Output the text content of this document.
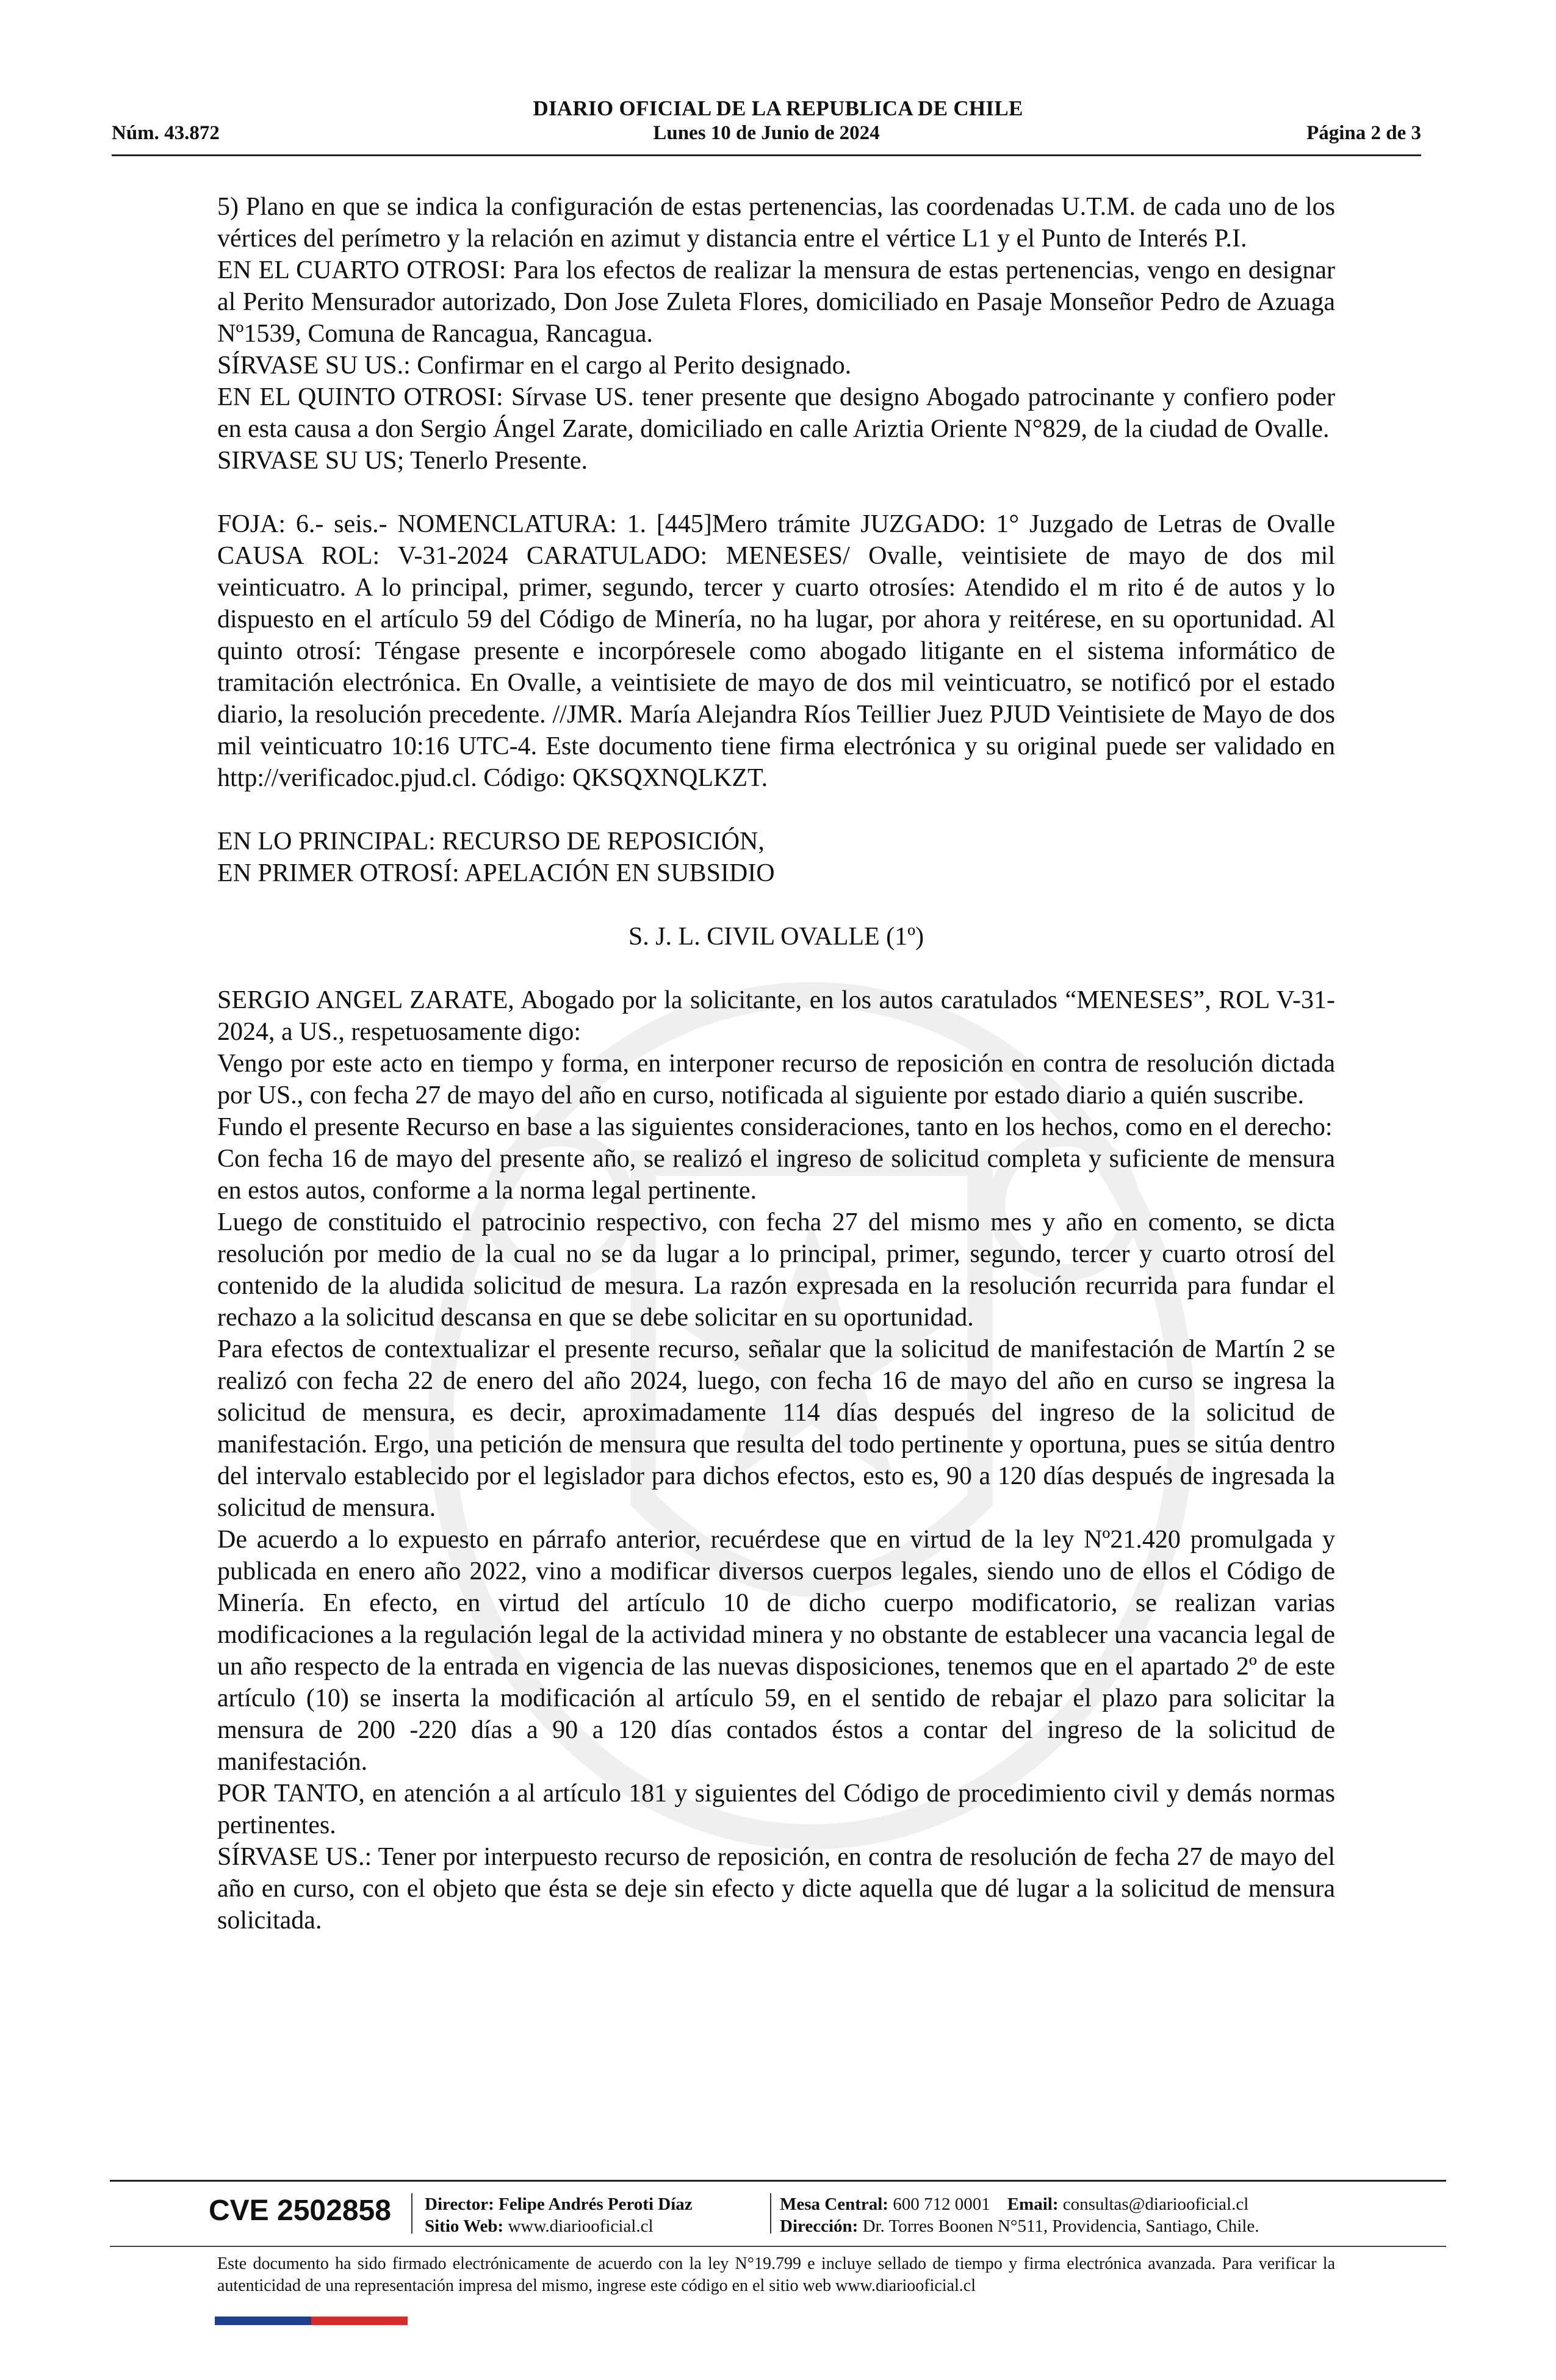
DIARIO OFICIAL DE LA REPUBLICA DE CHILE
Lunes 10 de Junio de 2024
Núm. 43.872	Página 2 de 3

5) Plano en que se indica la configuración de estas pertenencias, las coordenadas U.T.M. de cada uno de los vértices del perímetro y la relación en azimut y distancia entre el vértice L1 y el Punto de Interés P.I.

EN EL CUARTO OTROSI: Para los efectos de realizar la mensura de estas pertenencias, vengo en designar al Perito Mensurador autorizado, Don Jose Zuleta Flores, domiciliado en Pasaje Monseñor Pedro de Azuaga Nº1539, Comuna de Rancagua, Rancagua.

SÍRVASE SU US.: Confirmar en el cargo al Perito designado.

EN EL QUINTO OTROSI: Sírvase US. tener presente que designo Abogado patrocinante y confiero poder en esta causa a don Sergio Ángel Zarate, domiciliado en calle Ariztia Oriente N°829, de la ciudad de Ovalle.

SIRVASE SU US; Tenerlo Presente.

FOJA: 6.- seis.- NOMENCLATURA: 1. [445]Mero trámite JUZGADO: 1° Juzgado de Letras de Ovalle CAUSA ROL: V-31-2024 CARATULADO: MENESES/ Ovalle, veintisiete de mayo de dos mil veinticuatro. A lo principal, primer, segundo, tercer y cuarto otrosíes: Atendido el m rito é de autos y lo dispuesto en el artículo 59 del Código de Minería, no ha lugar, por ahora y reitérese, en su oportunidad. Al quinto otrosí: Téngase presente e incorpóresele como abogado litigante en el sistema informático de tramitación electrónica. En Ovalle, a veintisiete de mayo de dos mil veinticuatro, se notificó por el estado diario, la resolución precedente. //JMR. María Alejandra Ríos Teillier Juez PJUD Veintisiete de Mayo de dos mil veinticuatro 10:16 UTC-4. Este documento tiene firma electrónica y su original puede ser validado en http://verificadoc.pjud.cl. Código: QKSQXNQLKZT.

EN LO PRINCIPAL: RECURSO DE REPOSICIÓN,

EN PRIMER OTROSÍ: APELACIÓN EN SUBSIDIO

S. J. L. CIVIL OVALLE (1º)

SERGIO ANGEL ZARATE, Abogado por la solicitante, en los autos caratulados “MENESES”, ROL V-31-2024, a US., respetuosamente digo:

Vengo por este acto en tiempo y forma, en interponer recurso de reposición en contra de resolución dictada por US., con fecha 27 de mayo del año en curso, notificada al siguiente por estado diario a quién suscribe.

Fundo el presente Recurso en base a las siguientes consideraciones, tanto en los hechos, como en el derecho:

Con fecha 16 de mayo del presente año, se realizó el ingreso de solicitud completa y suficiente de mensura en estos autos, conforme a la norma legal pertinente.

Luego de constituido el patrocinio respectivo, con fecha 27 del mismo mes y año en comento, se dicta resolución por medio de la cual no se da lugar a lo principal, primer, segundo, tercer y cuarto otrosí del contenido de la aludida solicitud de mesura. La razón expresada en la resolución recurrida para fundar el rechazo a la solicitud descansa en que se debe solicitar en su oportunidad.

Para efectos de contextualizar el presente recurso, señalar que la solicitud de manifestación de Martín 2 se realizó con fecha 22 de enero del año 2024, luego, con fecha 16 de mayo del año en curso se ingresa la solicitud de mensura, es decir, aproximadamente 114 días después del ingreso de la solicitud de manifestación. Ergo, una petición de mensura que resulta del todo pertinente y oportuna, pues se sitúa dentro del intervalo establecido por el legislador para dichos efectos, esto es, 90 a 120 días después de ingresada la solicitud de mensura.

De acuerdo a lo expuesto en párrafo anterior, recuérdese que en virtud de la ley Nº21.420 promulgada y publicada en enero año 2022, vino a modificar diversos cuerpos legales, siendo uno de ellos el Código de Minería. En efecto, en virtud del artículo 10 de dicho cuerpo modificatorio, se realizan varias modificaciones a la regulación legal de la actividad minera y no obstante de establecer una vacancia legal de un año respecto de la entrada en vigencia de las nuevas disposiciones, tenemos que en el apartado 2º de este artículo (10) se inserta la modificación al artículo 59, en el sentido de rebajar el plazo para solicitar la mensura de 200 -220 días a 90 a 120 días contados éstos a contar del ingreso de la solicitud de manifestación.

POR TANTO, en atención a al artículo 181 y siguientes del Código de procedimiento civil y demás normas pertinentes.

SÍRVASE US.: Tener por interpuesto recurso de reposición, en contra de resolución de fecha 27 de mayo del año en curso, con el objeto que ésta se deje sin efecto y dicte aquella que dé lugar a la solicitud de mensura solicitada.

CVE 2502858 Director: Felipe Andrés Peroti Díaz
Sitio Web: www.diariooficial.cl
Mesa Central: 600 712 0001 Email: consultas@diariooficial.cl
Dirección: Dr. Torres Boonen N°511, Providencia, Santiago, Chile.
Este documento ha sido firmado electrónicamente de acuerdo con la ley N°19.799 e incluye sellado de tiempo y firma electrónica avanzada. Para verificar la autenticidad de una representación impresa del mismo, ingrese este código en el sitio web www.diariooficial.cl
